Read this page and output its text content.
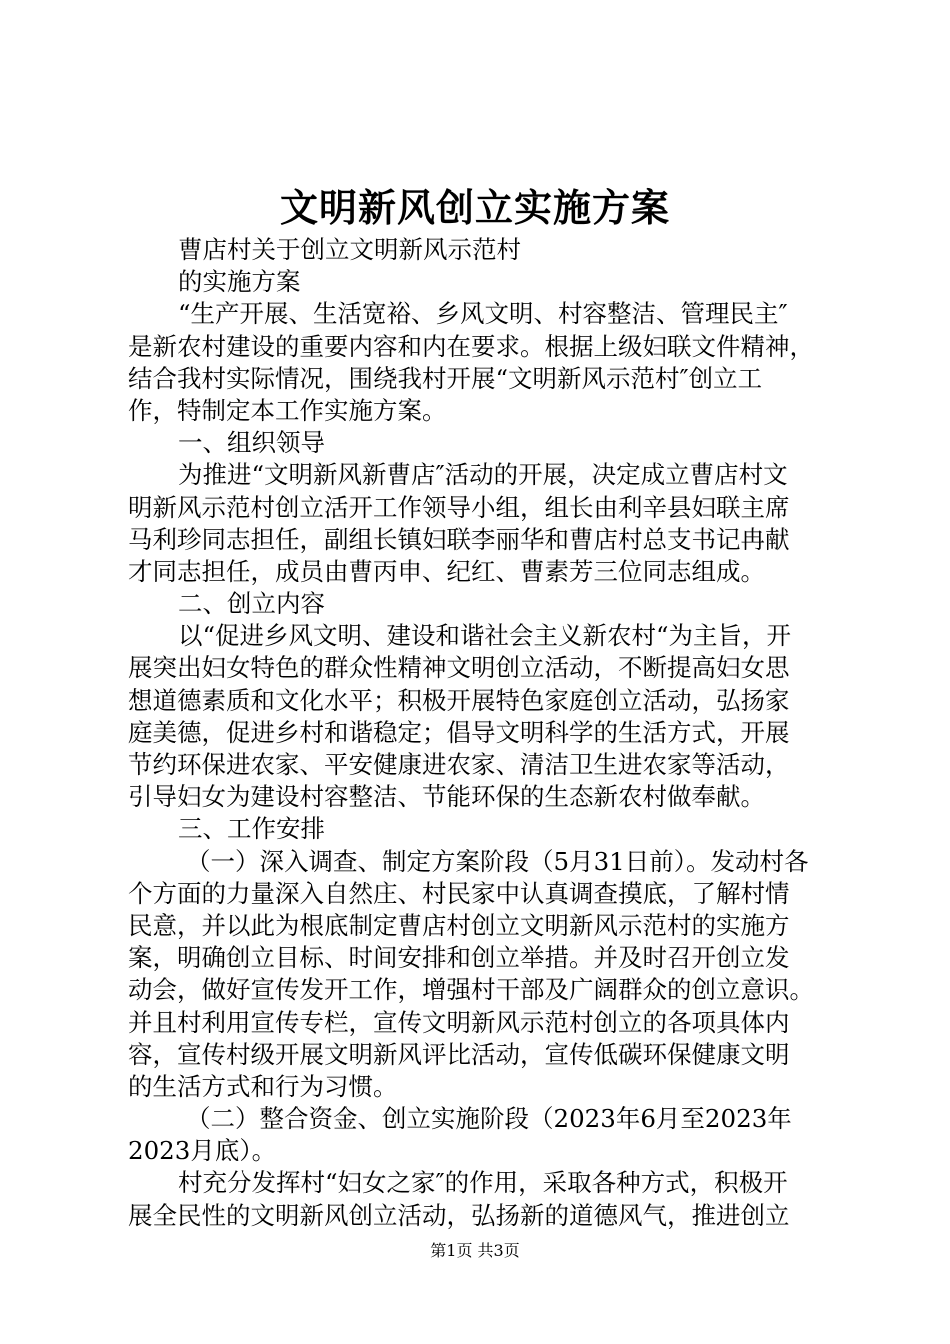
文明新风创立实施方案
曹店村关于创立文明新风示范村
的实施方案
“生产开展、生活宽裕、乡风文明、村容整洁、管理民主″
是新农村建设的重要内容和内在要求。根据上级妇联文件精神，
结合我村实际情况，围绕我村开展“文明新风示范村″创立工
作，特制定本工作实施方案。
一、组织领导
为推进“文明新风新曹店″活动的开展，决定成立曹店村文
明新风示范村创立活开工作领导小组，组长由利辛县妇联主席
马利珍同志担任，副组长镇妇联李丽华和曹店村总支书记冉献
才同志担任，成员由曹丙申、纪红、曹素芳三位同志组成。
二、创立内容
以“促进乡风文明、建设和谐社会主义新农村“为主旨，开
展突出妇女特色的群众性精神文明创立活动，不断提高妇女思
想道德素质和文化水平；积极开展特色家庭创立活动，弘扬家
庭美德，促进乡村和谐稳定；倡导文明科学的生活方式，开展
节约环保进农家、平安健康进农家、清洁卫生进农家等活动，
引导妇女为建设村容整洁、节能环保的生态新农村做奉献。
三、工作安排
（一）深入调查、制定方案阶段（5月31日前）。发动村各
个方面的力量深入自然庄、村民家中认真调查摸底，了解村情
民意，并以此为根底制定曹店村创立文明新风示范村的实施方
案，明确创立目标、时间安排和创立举措。并及时召开创立发
动会，做好宣传发开工作，增强村干部及广阔群众的创立意识。
并且村利用宣传专栏，宣传文明新风示范村创立的各项具体内
容，宣传村级开展文明新风评比活动，宣传低碳环保健康文明
的生活方式和行为习惯。
（二）整合资金、创立实施阶段（2023年6月至2023年
2023月底）。
村充分发挥村“妇女之家″的作用，采取各种方式，积极开
展全民性的文明新风创立活动，弘扬新的道德风气，推进创立
第1页 共3页
